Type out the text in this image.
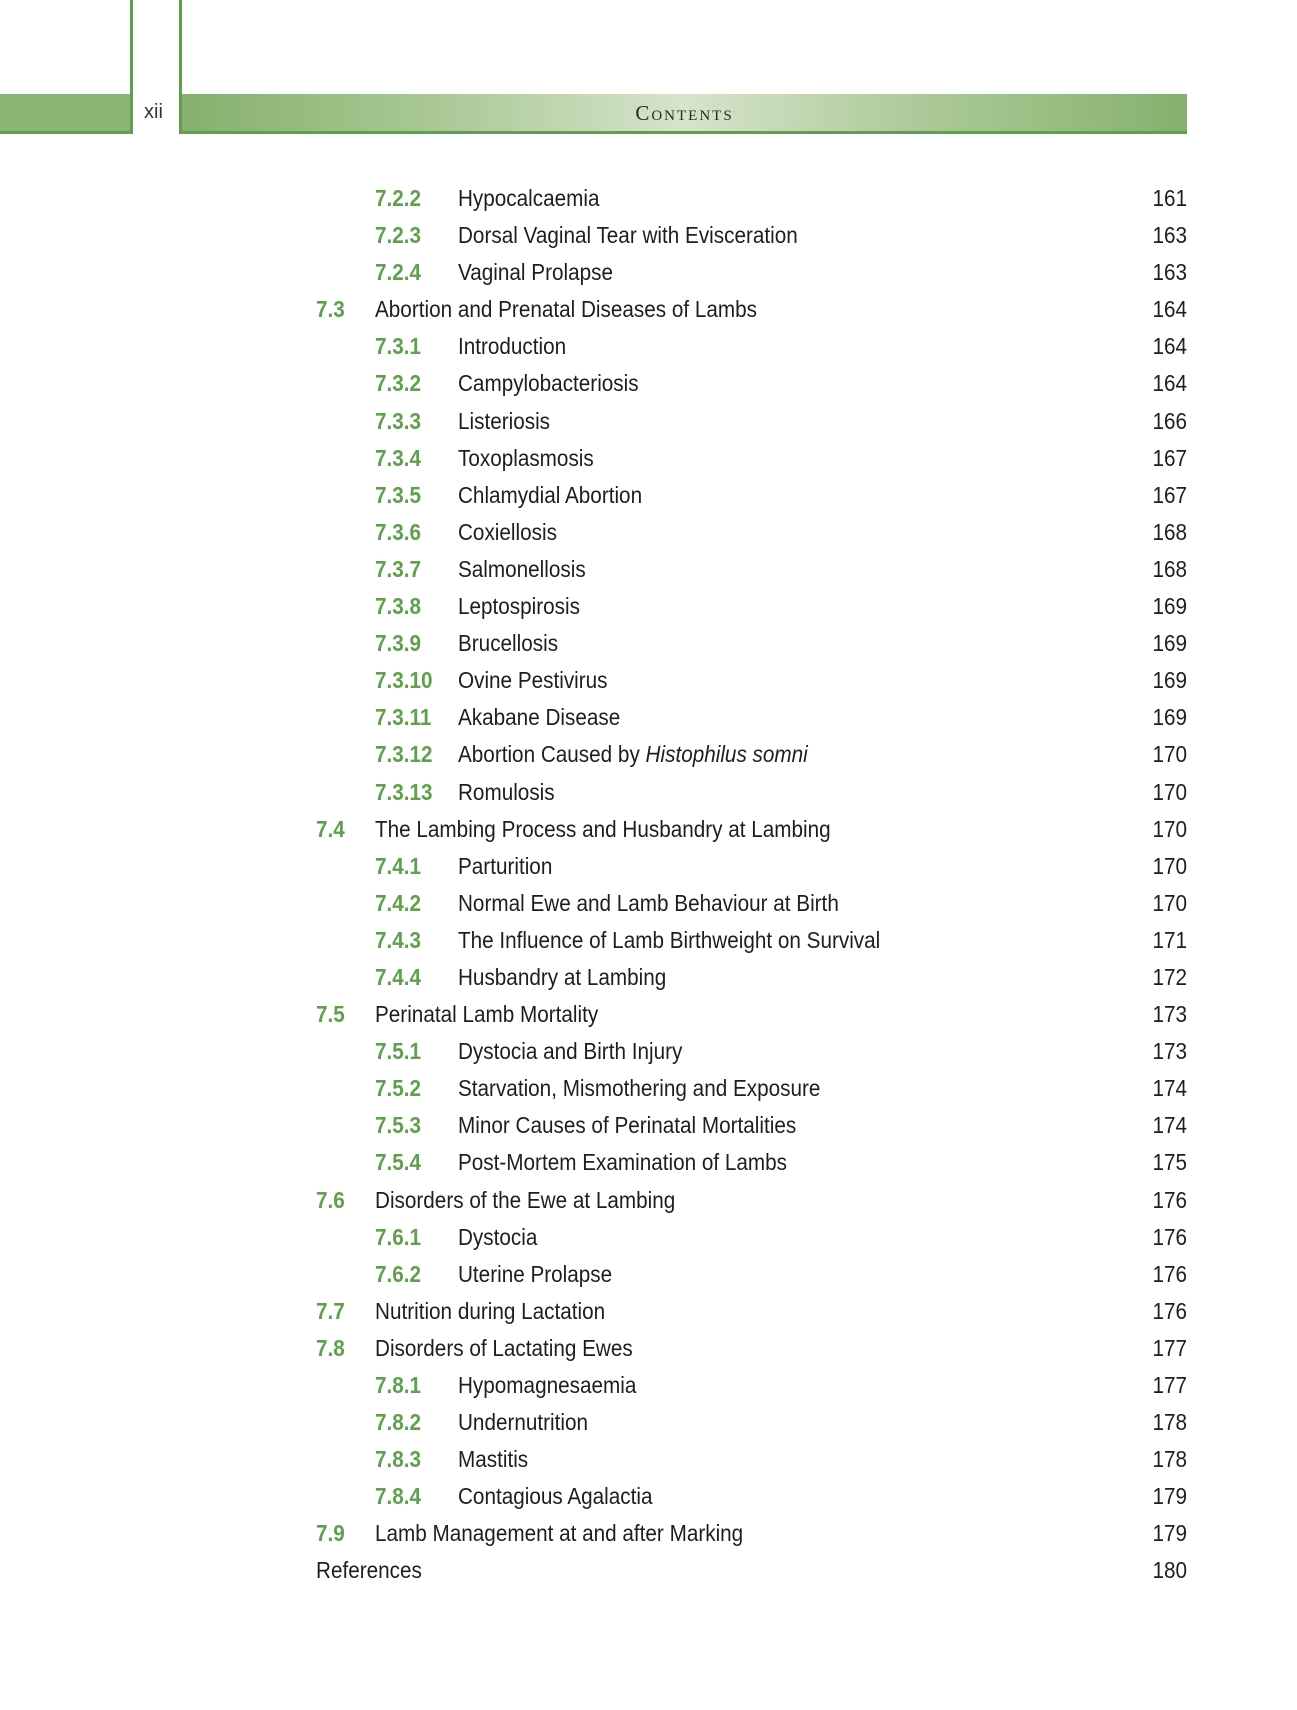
xii	Contents
7.2.2 Hypocalcaemia	161
7.2.3 Dorsal Vaginal Tear with Evisceration	163
7.2.4 Vaginal Prolapse	163
7.3 Abortion and Prenatal Diseases of Lambs	164
7.3.1 Introduction	164
7.3.2 Campylobacteriosis	164
7.3.3 Listeriosis	166
7.3.4 Toxoplasmosis	167
7.3.5 Chlamydial Abortion	167
7.3.6 Coxiellosis	168
7.3.7 Salmonellosis	168
7.3.8 Leptospirosis	169
7.3.9 Brucellosis	169
7.3.10 Ovine Pestivirus	169
7.3.11 Akabane Disease	169
7.3.12 Abortion Caused by Histophilus somni	170
7.3.13 Romulosis	170
7.4 The Lambing Process and Husbandry at Lambing	170
7.4.1 Parturition	170
7.4.2 Normal Ewe and Lamb Behaviour at Birth	170
7.4.3 The Influence of Lamb Birthweight on Survival	171
7.4.4 Husbandry at Lambing	172
7.5 Perinatal Lamb Mortality	173
7.5.1 Dystocia and Birth Injury	173
7.5.2 Starvation, Mismothering and Exposure	174
7.5.3 Minor Causes of Perinatal Mortalities	174
7.5.4 Post-Mortem Examination of Lambs	175
7.6 Disorders of the Ewe at Lambing	176
7.6.1 Dystocia	176
7.6.2 Uterine Prolapse	176
7.7 Nutrition during Lactation	176
7.8 Disorders of Lactating Ewes	177
7.8.1 Hypomagnesaemia	177
7.8.2 Undernutrition	178
7.8.3 Mastitis	178
7.8.4 Contagious Agalactia	179
7.9 Lamb Management at and after Marking	179
References	180
